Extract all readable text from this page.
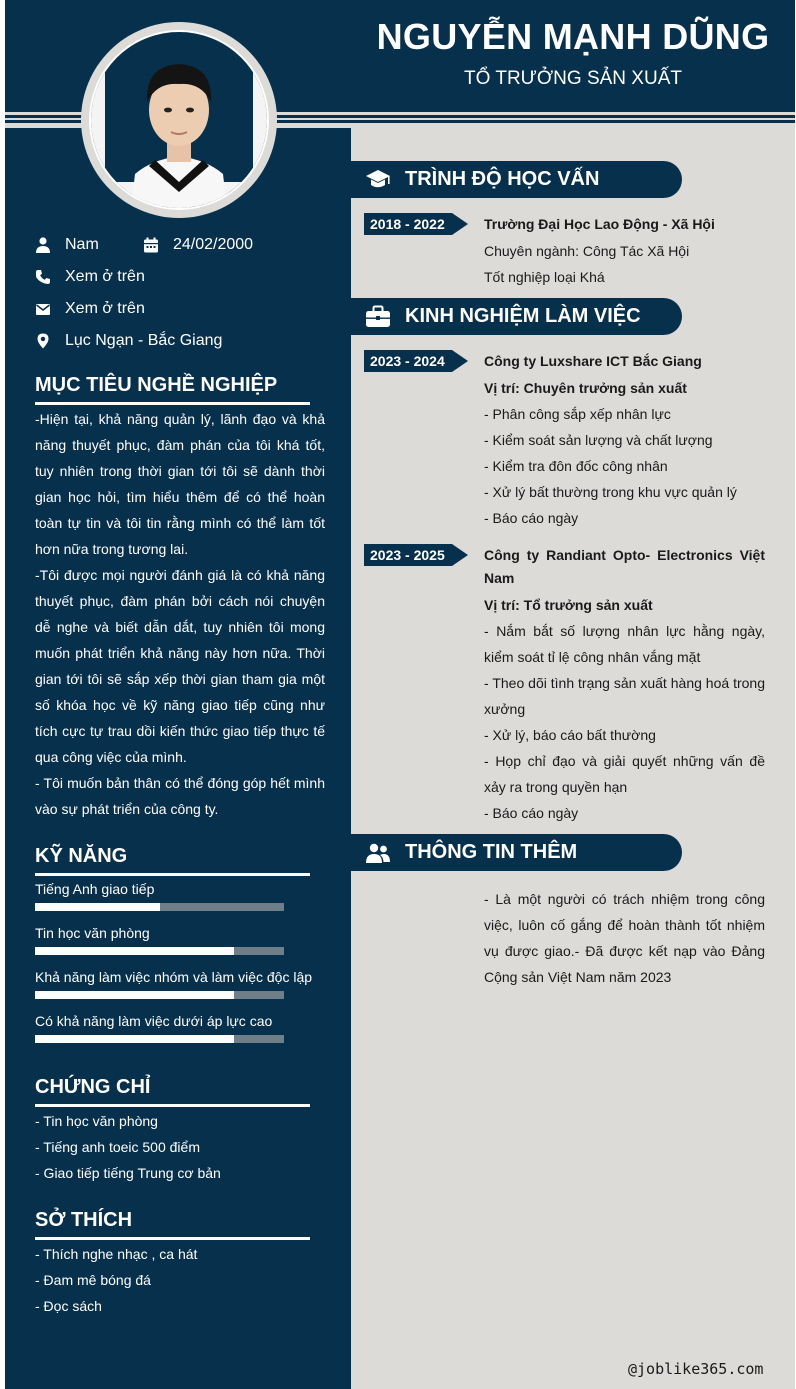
NGUYỄN MẠNH DŨNG
TỔ TRƯỞNG SẢN XUẤT
Nam	24/02/2000
Xem ở trên
Xem ở trên
Lục Ngạn - Bắc Giang
MỤC TIÊU NGHỀ NGHIỆP

-Hiện tại, khả năng quản lý, lãnh đạo và khả năng thuyết phục, đàm phán của tôi khá tốt, tuy nhiên trong thời gian tới tôi sẽ dành thời gian học hỏi, tìm hiểu thêm để có thể hoàn toàn tự tin và tôi tin rằng mình có thể làm tốt hơn nữa trong tương lai.

-Tôi được mọi người đánh giá là có khả năng thuyết phục, đàm phán bởi cách nói chuyện dễ nghe và biết dẫn dắt, tuy nhiên tôi mong muốn phát triển khả năng này hơn nữa. Thời gian tới tôi sẽ sắp xếp thời gian tham gia một số khóa học về kỹ năng giao tiếp cũng như tích cực tự trau dồi kiến thức giao tiếp thực tế qua công việc của mình.

- Tôi muốn bản thân có thể đóng góp hết mình vào sự phát triển của công ty.

KỸ NĂNG
Tiếng Anh giao tiếp
Tin học văn phòng
Khả năng làm việc nhóm và làm việc độc lập
Có khả năng làm việc dưới áp lực cao
CHỨNG CHỈ
- Tin học văn phòng
- Tiếng anh toeic 500 điểm
- Giao tiếp tiếng Trung cơ bản
SỞ THÍCH
- Thích nghe nhạc , ca hát
- Đam mê bóng đá
- Đọc sách
TRÌNH ĐỘ HỌC VẤN
2018 - 2022	Trường Đại Học Lao Động - Xã Hội
Chuyên ngành: Công Tác Xã Hội
Tốt nghiệp loại Khá
KINH NGHIỆM LÀM VIỆC
2023 - 2024	Công ty Luxshare ICT Bắc Giang
Vị trí: Chuyên trưởng sản xuất
- Phân công sắp xếp nhân lực
- Kiểm soát sản lượng và chất lượng
- Kiểm tra đôn đốc công nhân
- Xử lý bất thường trong khu vực quản lý
- Báo cáo ngày
2023 - 2025	Công ty Randiant Opto- Electronics Việt Nam
Vị trí: Tổ trưởng sản xuất
- Nắm bắt số lượng nhân lực hằng ngày, kiểm soát tỉ lệ công nhân vắng mặt
- Theo dõi tình trạng sản xuất hàng hoá trong xưởng
- Xử lý, báo cáo bất thường
- Họp chỉ đạo và giải quyết những vấn đề xảy ra trong quyền hạn
- Báo cáo ngày
THÔNG TIN THÊM
- Là một người có trách nhiệm trong công việc, luôn cố gắng để hoàn thành tốt nhiệm vụ được giao.- Đã được kết nạp vào Đảng Cộng sản Việt Nam năm 2023
@joblike365.com
